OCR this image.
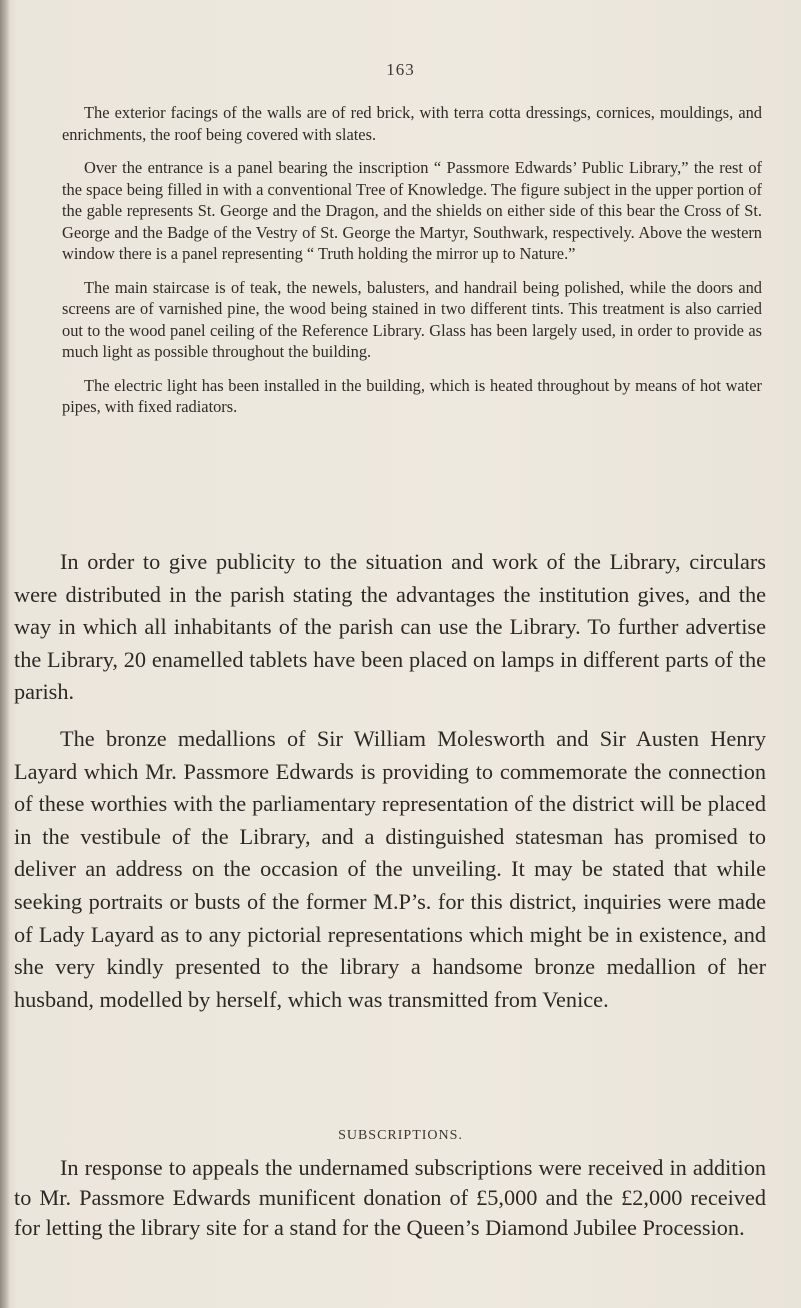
163

The exterior facings of the walls are of red brick, with terra cotta dressings, cornices, mouldings, and enrichments, the roof being covered with slates.

Over the entrance is a panel bearing the inscription “ Passmore Edwards’ Public Library,” the rest of the space being filled in with a conventional Tree of Knowledge. The figure subject in the upper portion of the gable represents St. George and the Dragon, and the shields on either side of this bear the Cross of St. George and the Badge of the Vestry of St. George the Martyr, Southwark, respectively. Above the western window there is a panel representing “ Truth holding the mirror up to Nature.”

The main staircase is of teak, the newels, balusters, and handrail being polished, while the doors and screens are of varnished pine, the wood being stained in two different tints. This treatment is also carried out to the wood panel ceiling of the Reference Library. Glass has been largely used, in order to provide as much light as possible throughout the building.

The electric light has been installed in the building, which is heated throughout by means of hot water pipes, with fixed radiators.

In order to give publicity to the situation and work of the Library, circulars were distributed in the parish stating the advantages the institution gives, and the way in which all inhabitants of the parish can use the Library. To further advertise the Library, 20 enamelled tablets have been placed on lamps in different parts of the parish.

The bronze medallions of Sir William Molesworth and Sir Austen Henry Layard which Mr. Passmore Edwards is providing to commemorate the connection of these worthies with the parliamentary representation of the district will be placed in the vestibule of the Library, and a distinguished statesman has promised to deliver an address on the occasion of the unveiling. It may be stated that while seeking portraits or busts of the former M.P’s. for this district, inquiries were made of Lady Layard as to any pictorial representations which might be in existence, and she very kindly presented to the library a handsome bronze medallion of her husband, modelled by herself, which was transmitted from Venice.

SUBSCRIPTIONS.

In response to appeals the undernamed subscriptions were received in addition to Mr. Passmore Edwards munificent donation of £5,000 and the £2,000 received for letting the library site for a stand for the Queen’s Diamond Jubilee Procession.
